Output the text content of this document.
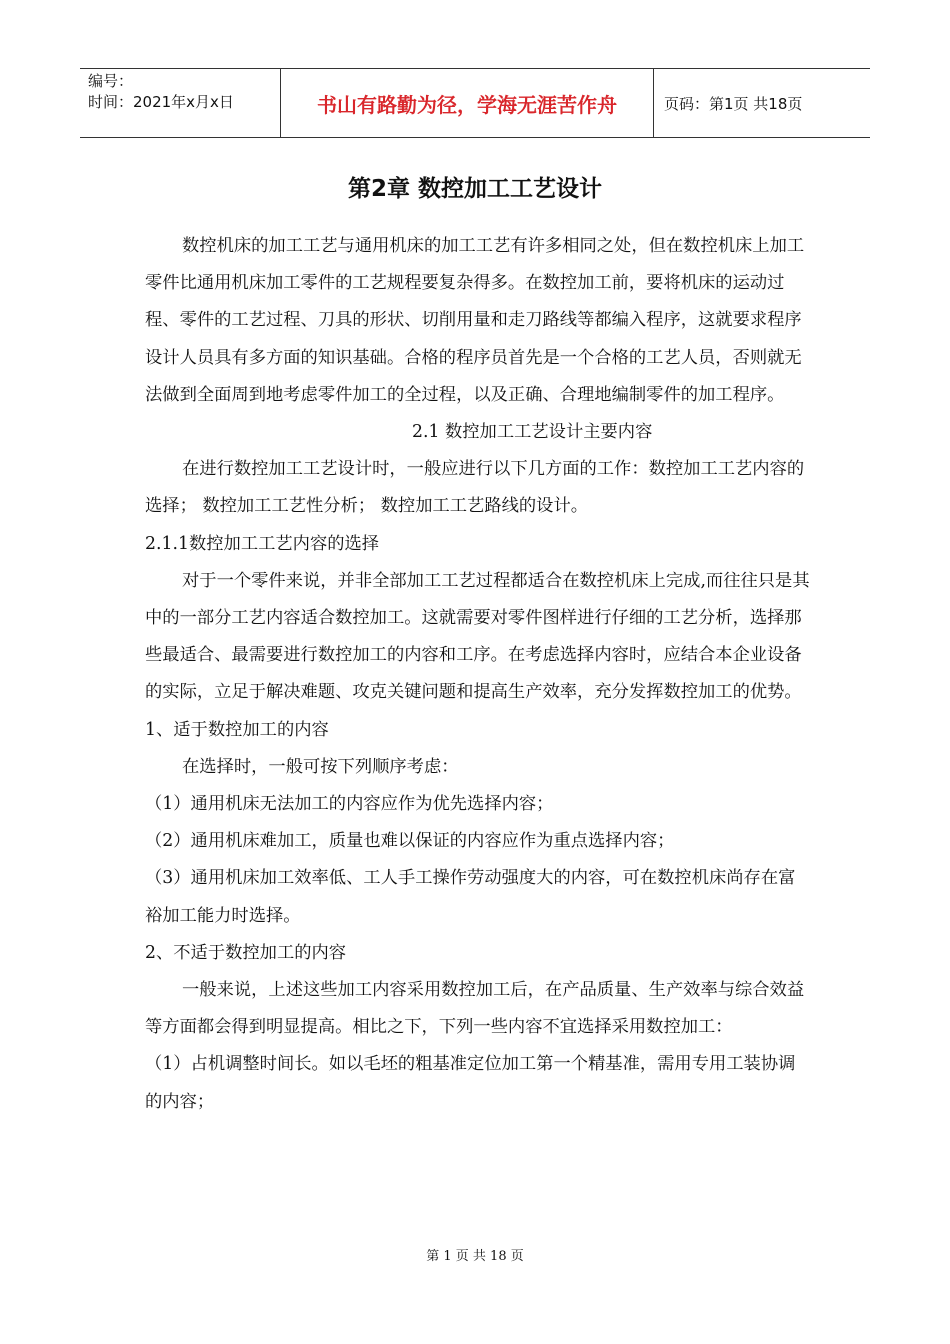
编号：
时间：2021年x月x日	书山有路勤为径，学海无涯苦作舟	页码：第1页 共18页
第2章 数控加工工艺设计

数控机床的加工工艺与通用机床的加工工艺有许多相同之处，但在数控机床上加工零件比通用机床加工零件的工艺规程要复杂得多。在数控加工前，要将机床的运动过程、零件的工艺过程、刀具的形状、切削用量和走刀路线等都编入程序，这就要求程序设计人员具有多方面的知识基础。合格的程序员首先是一个合格的工艺人员，否则就无法做到全面周到地考虑零件加工的全过程，以及正确、合理地编制零件的加工程序。

2.1 数控加工工艺设计主要内容

在进行数控加工工艺设计时，一般应进行以下几方面的工作：数控加工工艺内容的选择； 数控加工工艺性分析； 数控加工工艺路线的设计。

2.1.1数控加工工艺内容的选择

对于一个零件来说，并非全部加工工艺过程都适合在数控机床上完成,而往往只是其中的一部分工艺内容适合数控加工。这就需要对零件图样进行仔细的工艺分析，选择那些最适合、最需要进行数控加工的内容和工序。在考虑选择内容时，应结合本企业设备的实际，立足于解决难题、攻克关键问题和提高生产效率，充分发挥数控加工的优势。

1、适于数控加工的内容

在选择时，一般可按下列顺序考虑：

（1）通用机床无法加工的内容应作为优先选择内容；

（2）通用机床难加工，质量也难以保证的内容应作为重点选择内容；

（3）通用机床加工效率低、工人手工操作劳动强度大的内容，可在数控机床尚存在富裕加工能力时选择。

2、不适于数控加工的内容

一般来说，上述这些加工内容采用数控加工后，在产品质量、生产效率与综合效益等方面都会得到明显提高。相比之下，下列一些内容不宜选择采用数控加工：

（1）占机调整时间长。如以毛坯的粗基准定位加工第一个精基准，需用专用工装协调的内容；

第 1 页 共 18 页
